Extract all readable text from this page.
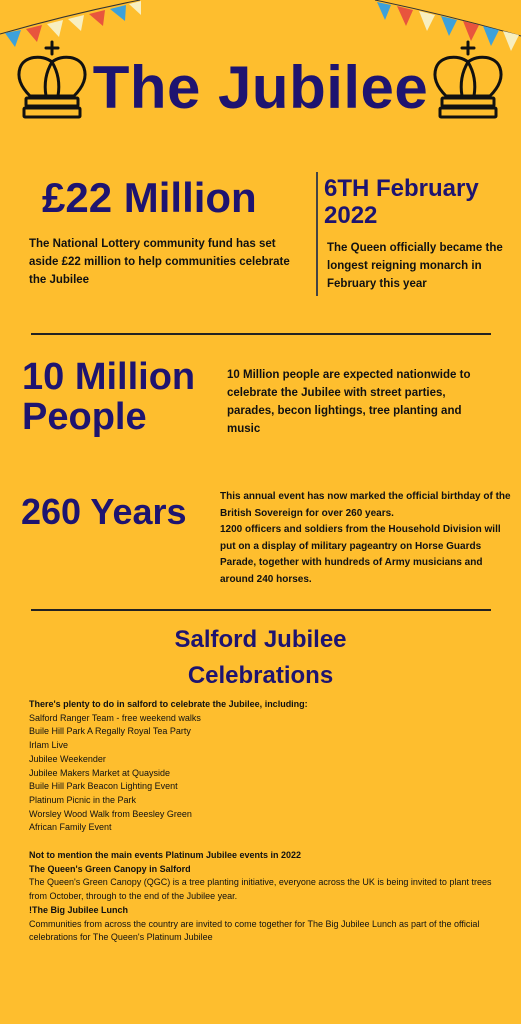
The Jubilee
£22 Million
The National Lottery community fund has set aside £22 million to help communities celebrate the Jubilee
6TH February
2022
The Queen officially became the longest reigning monarch in February this year
10 Million
People
10 Million people are expected nationwide to celebrate the Jubilee with street parties, parades, becon lightings, tree planting and music
260 Years	This annual event has now marked the official birthday of the British Sovereign for over 260 years.
1200 officers and soldiers from the Household Division will put on a display of military pageantry on Horse Guards Parade, together with hundreds of Army musicians and around 240 horses.
Salford Jubilee
Celebrations
There's plenty to do in salford to celebrate the Jubilee, including:
Salford Ranger Team - free weekend walks
Buile Hill Park A Regally Royal Tea Party
Irlam Live
Jubilee Weekender
Jubilee Makers Market at Quayside
Buile Hill Park Beacon Lighting Event
Platinum Picnic in the Park
Worsley Wood Walk from Beesley Green
African Family Event
Not to mention the main events Platinum Jubilee events in 2022
The Queen's Green Canopy in Salford
The Queen's Green Canopy (QGC) is a tree planting initiative, everyone across the UK is being invited to plant trees from October, through to the end of the Jubilee year.
!The Big Jubilee Lunch
Communities from across the country are invited to come together for The Big Jubilee Lunch as part of the official celebrations for The Queen's Platinum Jubilee
